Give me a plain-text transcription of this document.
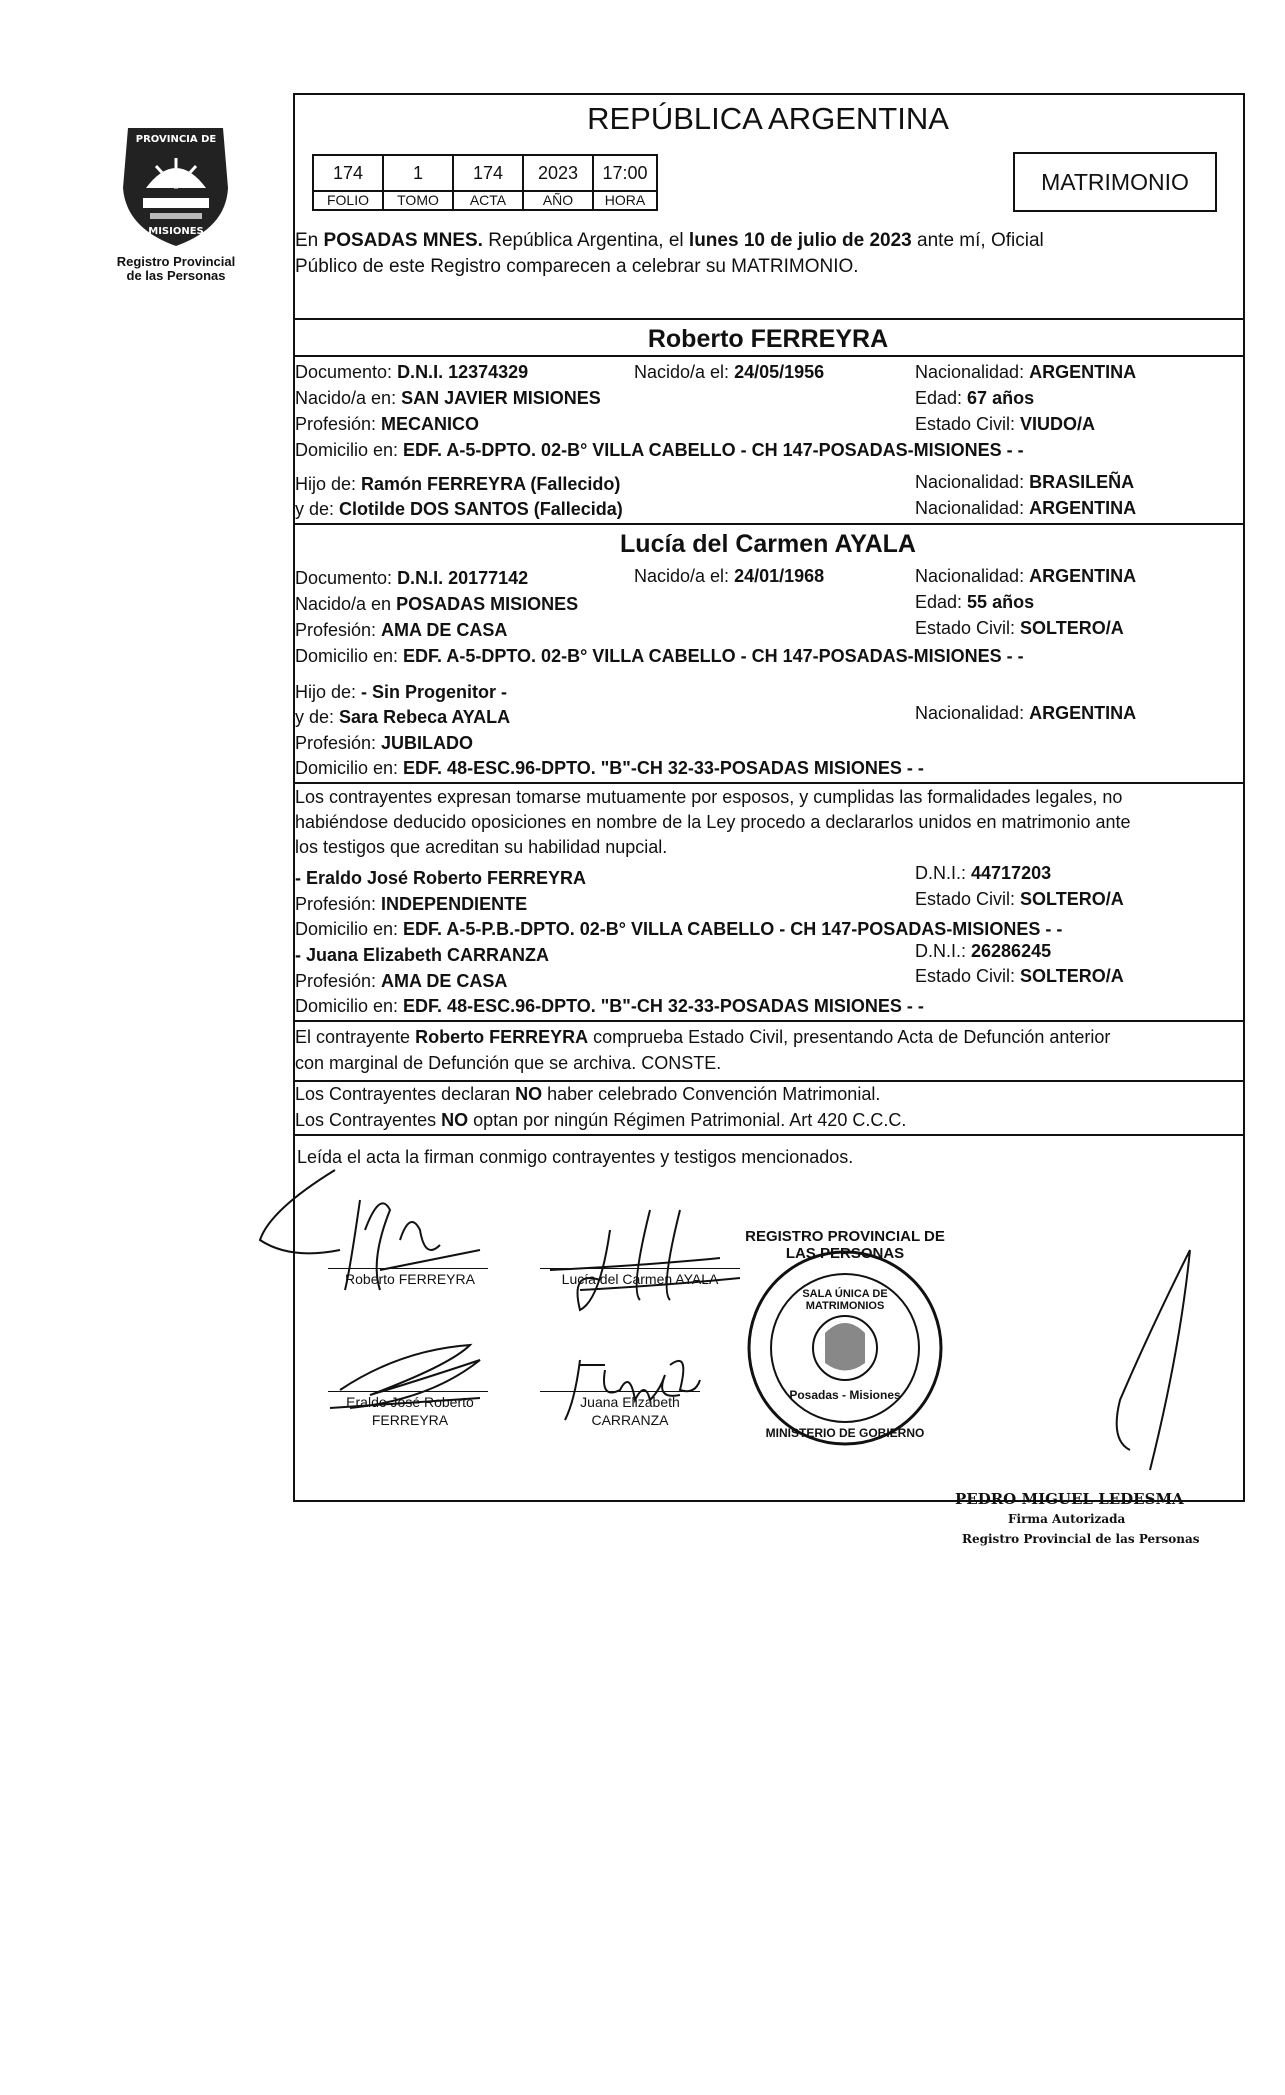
PROVINCIA DE
MISIONES
Registro Provincial
de las Personas
REPÚBLICA ARGENTINA
174	1	174	2023	17:00
FOLIO	TOMO	ACTA	AÑO	HORA
MATRIMONIO
En POSADAS MNES. República Argentina, el lunes 10 de julio de 2023 ante mí, Oficial
Público de este Registro comparecen a celebrar su MATRIMONIO.
Roberto FERREYRA
Documento: D.N.I. 12374329	Nacido/a el: 24/05/1956	Nacionalidad: ARGENTINA
Nacido/a en: SAN JAVIER MISIONES	Edad: 67 años
Profesión: MECANICO	Estado Civil: VIUDO/A
Domicilio en: EDF. A-5-DPTO. 02-B° VILLA CABELLO - CH 147-POSADAS-MISIONES - -
Hijo de: Ramón FERREYRA (Fallecido)	Nacionalidad: BRASILEÑA
y de: Clotilde DOS SANTOS (Fallecida)	Nacionalidad: ARGENTINA
Lucía del Carmen AYALA
Documento: D.N.I. 20177142	Nacido/a el: 24/01/1968	Nacionalidad: ARGENTINA
Nacido/a en POSADAS MISIONES	Edad: 55 años
Profesión: AMA DE CASA	Estado Civil: SOLTERO/A
Domicilio en: EDF. A-5-DPTO. 02-B° VILLA CABELLO - CH 147-POSADAS-MISIONES - -
Hijo de: - Sin Progenitor -
y de: Sara Rebeca AYALA	Nacionalidad: ARGENTINA
Profesión: JUBILADO
Domicilio en: EDF. 48-ESC.96-DPTO. "B"-CH 32-33-POSADAS MISIONES - -
Los contrayentes expresan tomarse mutuamente por esposos, y cumplidas las formalidades legales, no
habiéndose deducido oposiciones en nombre de la Ley procedo a declararlos unidos en matrimonio ante
los testigos que acreditan su habilidad nupcial.
- Eraldo José Roberto FERREYRA	D.N.I.: 44717203
Profesión: INDEPENDIENTE	Estado Civil: SOLTERO/A
Domicilio en: EDF. A-5-P.B.-DPTO. 02-B° VILLA CABELLO - CH 147-POSADAS-MISIONES - -
- Juana Elizabeth CARRANZA	D.N.I.: 26286245
Profesión: AMA DE CASA	Estado Civil: SOLTERO/A
Domicilio en: EDF. 48-ESC.96-DPTO. "B"-CH 32-33-POSADAS MISIONES - -
El contrayente Roberto FERREYRA comprueba Estado Civil, presentando Acta de Defunción anterior
con marginal de Defunción que se archiva. CONSTE.
Los Contrayentes declaran NO haber celebrado Convención Matrimonial.
Los Contrayentes NO optan por ningún Régimen Patrimonial. Art 420 C.C.C.
Leída el acta la firman conmigo contrayentes y testigos mencionados.
Roberto FERREYRA	Lucía del Carmen AYALA
Eraldo José Roberto
FERREYRA
Juana Elizabeth
CARRANZA
REGISTRO PROVINCIAL DE LAS PERSONAS
SALA ÚNICA DE MATRIMONIOS
Posadas - Misiones
MINISTERIO DE GOBIERNO
PEDRO MIGUEL LEDESMA
Firma Autorizada
Registro Provincial de las Personas
